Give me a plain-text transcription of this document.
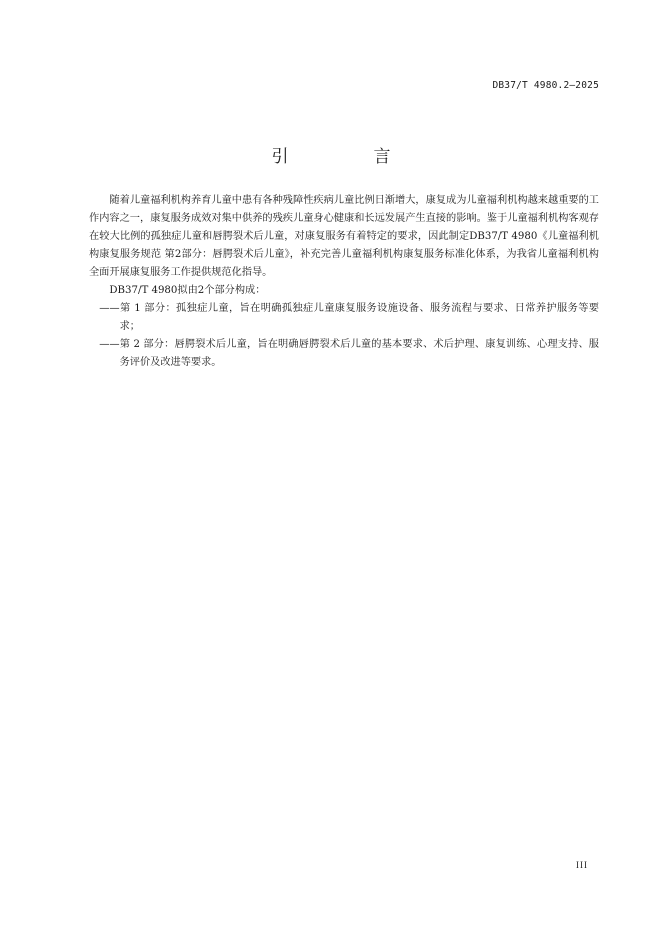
DB37/T 4980.2—2025
引　言

随着儿童福利机构养育儿童中患有各种残障性疾病儿童比例日渐增大，康复成为儿童福利机构越来越重要的工作内容之一，康复服务成效对集中供养的残疾儿童身心健康和长远发展产生直接的影响。鉴于儿童福利机构客观存在较大比例的孤独症儿童和唇腭裂术后儿童，对康复服务有着特定的要求，因此制定DB37/T 4980《儿童福利机构康复服务规范 第2部分：唇腭裂术后儿童》，补充完善儿童福利机构康复服务标准化体系，为我省儿童福利机构全面开展康复服务工作提供规范化指导。

DB37/T 4980拟由2个部分构成：

——第 1 部分：孤独症儿童，旨在明确孤独症儿童康复服务设施设备、服务流程与要求、日常养护服务等要求；

——第 2 部分：唇腭裂术后儿童，旨在明确唇腭裂术后儿童的基本要求、术后护理、康复训练、心理支持、服务评价及改进等要求。

III
